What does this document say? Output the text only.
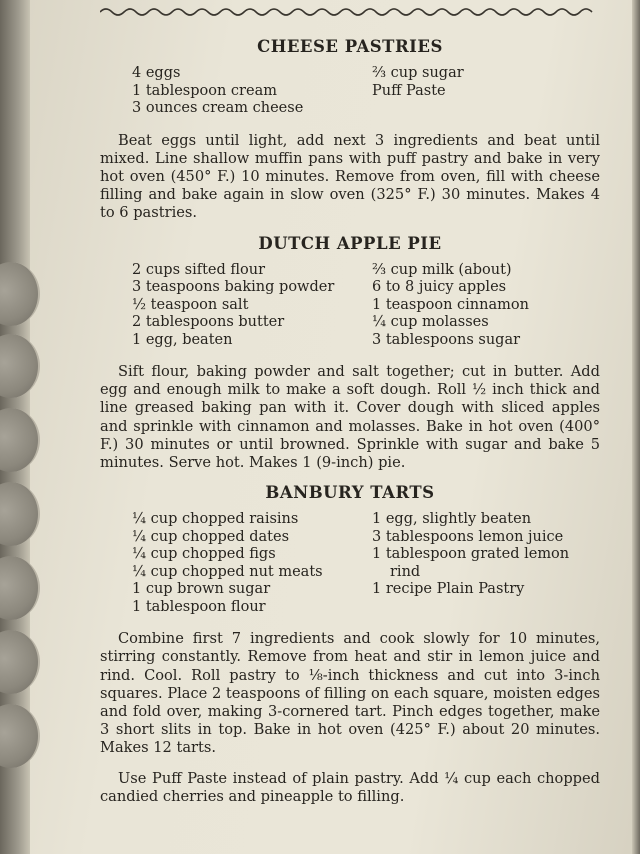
CHEESE PASTRIES
4 eggs
1 tablespoon cream
3 ounces cream cheese
⅔ cup sugar
Puff Paste

Beat eggs until light, add next 3 ingredients and beat until mixed. Line shallow muffin pans with puff pastry and bake in very hot oven (450° F.) 10 minutes. Remove from oven, fill with cheese filling and bake again in slow oven (325° F.) 30 minutes. Makes 4 to 6 pastries.

DUTCH APPLE PIE
2 cups sifted flour
3 teaspoons baking powder
½ teaspoon salt
2 tablespoons butter
1 egg, beaten
⅔ cup milk (about)
6 to 8 juicy apples
1 teaspoon cinnamon
¼ cup molasses
3 tablespoons sugar

Sift flour, baking powder and salt together; cut in butter. Add egg and enough milk to make a soft dough. Roll ½ inch thick and line greased baking pan with it. Cover dough with sliced apples and sprinkle with cinnamon and molasses. Bake in hot oven (400° F.) 30 minutes or until browned. Sprinkle with sugar and bake 5 minutes. Serve hot. Makes 1 (9-inch) pie.

BANBURY TARTS
¼ cup chopped raisins
¼ cup chopped dates
¼ cup chopped figs
¼ cup chopped nut meats
1 cup brown sugar
1 tablespoon flour
1 egg, slightly beaten
3 tablespoons lemon juice
1 tablespoon grated lemon
rind
1 recipe Plain Pastry

Combine first 7 ingredients and cook slowly for 10 minutes, stirring constantly. Remove from heat and stir in lemon juice and rind. Cool. Roll pastry to ⅛-inch thickness and cut into 3-inch squares. Place 2 teaspoons of filling on each square, moisten edges and fold over, making 3-cornered tart. Pinch edges together, make 3 short slits in top. Bake in hot oven (425° F.) about 20 minutes. Makes 12 tarts.

Use Puff Paste instead of plain pastry. Add ¼ cup each chopped candied cherries and pineapple to filling.
